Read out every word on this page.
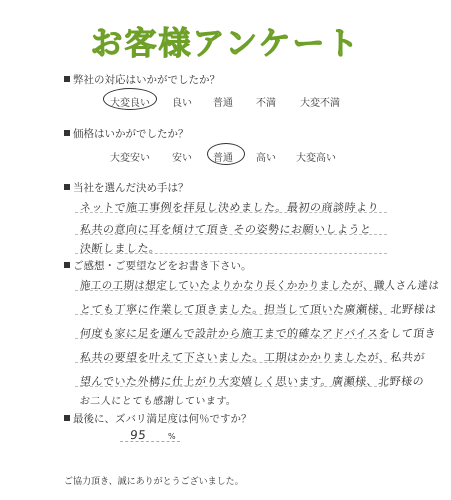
お客様アンケート
弊社の対応はいかがでしたか？
大変良い 良い 普通 不満 大変不満
価格はいかがでしたか？
大変安い 安い 普通 高い 大変高い
当社を選んだ決め手は？
ネットで施工事例を拝見し決めました。最初の商談時より
私共の意向に耳を傾けて頂き その姿勢にお願いしようと
決断しました。
ご感想・ご要望などをお書き下さい。
施工の工期は想定していたよりかなり長くかかりましたが、職人さん達は
とても丁寧に作業して頂きました。担当して頂いた廣瀬様、北野様は
何度も家に足を運んで設計から施工まで的確なアドバイスをして頂き
私共の要望を叶えて下さいました。工期はかかりましたが、私共が
望んでいた外構に仕上がり大変嬉しく思います。廣瀬様、北野様の
お二人にとても感謝しています。
最後に、ズバリ満足度は何％ですか？
95	%
ご協力頂き、誠にありがとうございました。
